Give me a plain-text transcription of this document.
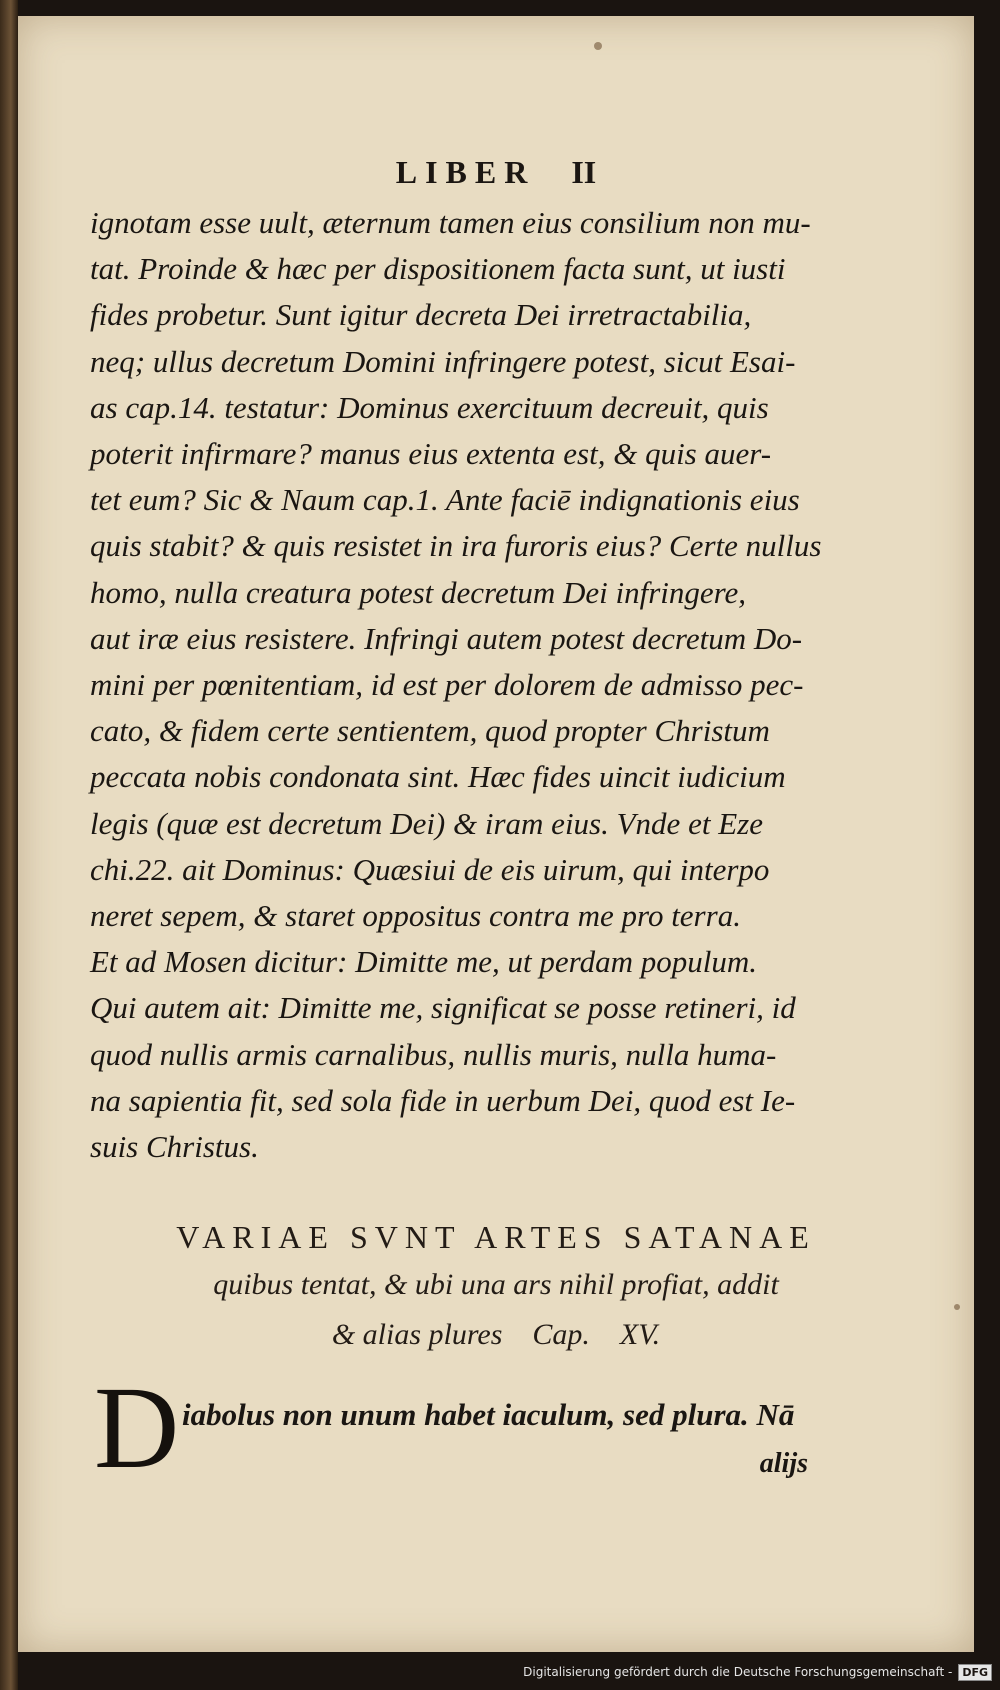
LIBER II
ignotam esse uult, æternum tamen eius consilium non mu-
tat. Proinde & hæc per dispositionem facta sunt, ut iusti
fides probetur. Sunt igitur decreta Dei irretractabilia,
neq; ullus decretum Domini infringere potest, sicut Esai-
as cap.14. testatur: Dominus exercituum decreuit, quis
poterit infirmare? manus eius extenta est, & quis auer-
tet eum? Sic & Naum cap.1. Ante faciē indignationis eius
quis stabit? & quis resistet in ira furoris eius? Certe nullus
homo, nulla creatura potest decretum Dei infringere,
aut iræ eius resistere. Infringi autem potest decretum Do-
mini per pœnitentiam, id est per dolorem de admisso pec-
cato, & fidem certe sentientem, quod propter Christum
peccata nobis condonata sint. Hæc fides uincit iudicium
legis (quæ est decretum Dei) & iram eius. Vnde et Eze
chi.22. ait Dominus: Quæsiui de eis uirum, qui interpo
neret sepem, & staret oppositus contra me pro terra.
Et ad Mosen dicitur: Dimitte me, ut perdam populum.
Qui autem ait: Dimitte me, significat se posse retineri, id
quod nullis armis carnalibus, nullis muris, nulla huma-
na sapientia fit, sed sola fide in uerbum Dei, quod est Ie-
suis Christus.
VARIAE SVNT ARTES SATANAE
quibus tentat, & ubi una ars nihil profiat, addit
& alias plures    Cap.    XV.
D iabolus non unum habet iaculum, sed plura. Nā
alijs
Digitalisierung gefördert durch die Deutsche Forschungsgemeinschaft - DFG
